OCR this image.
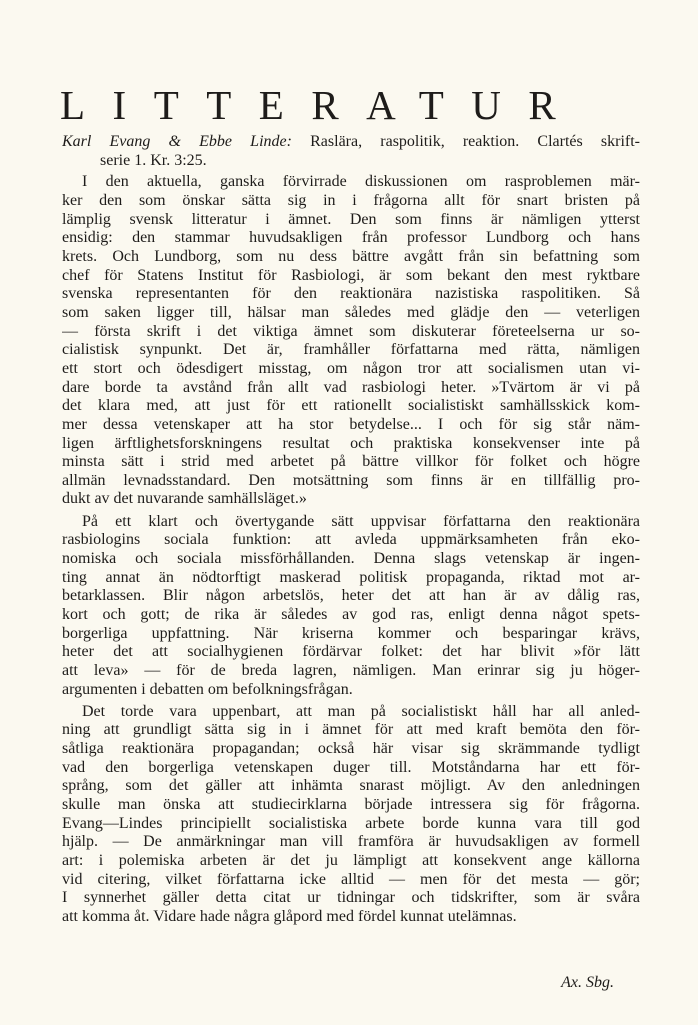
LITTERATUR
Karl Evang & Ebbe Linde: Raslära, raspolitik, reaktion. Clartés skrift-
serie 1. Kr. 3:25.
I den aktuella, ganska förvirrade diskussionen om rasproblemen mär-
ker den som önskar sätta sig in i frågorna allt för snart bristen på
lämplig svensk litteratur i ämnet. Den som finns är nämligen ytterst
ensidig: den stammar huvudsakligen från professor Lundborg och hans
krets. Och Lundborg, som nu dess bättre avgått från sin befattning som
chef för Statens Institut för Rasbiologi, är som bekant den mest ryktbare
svenska representanten för den reaktionära nazistiska raspolitiken. Så
som saken ligger till, hälsar man således med glädje den — veterligen
— första skrift i det viktiga ämnet som diskuterar företeelserna ur so-
cialistisk synpunkt. Det är, framhåller författarna med rätta, nämligen
ett stort och ödesdigert misstag, om någon tror att socialismen utan vi-
dare borde ta avstånd från allt vad rasbiologi heter. »Tvärtom är vi på
det klara med, att just för ett rationellt socialistiskt samhällsskick kom-
mer dessa vetenskaper att ha stor betydelse... I och för sig står näm-
ligen ärftlighetsforskningens resultat och praktiska konsekvenser inte på
minsta sätt i strid med arbetet på bättre villkor för folket och högre
allmän levnadsstandard. Den motsättning som finns är en tillfällig pro-
dukt av det nuvarande samhällsläget.»
På ett klart och övertygande sätt uppvisar författarna den reaktionära
rasbiologins sociala funktion: att avleda uppmärksamheten från eko-
nomiska och sociala missförhållanden. Denna slags vetenskap är ingen-
ting annat än nödtorftigt maskerad politisk propaganda, riktad mot ar-
betarklassen. Blir någon arbetslös, heter det att han är av dålig ras,
kort och gott; de rika är således av god ras, enligt denna något spets-
borgerliga uppfattning. När kriserna kommer och besparingar krävs,
heter det att socialhygienen fördärvar folket: det har blivit »för lätt
att leva» — för de breda lagren, nämligen. Man erinrar sig ju höger-
argumenten i debatten om befolkningsfrågan.
Det torde vara uppenbart, att man på socialistiskt håll har all anled-
ning att grundligt sätta sig in i ämnet för att med kraft bemöta den för-
såtliga reaktionära propagandan; också här visar sig skrämmande tydligt
vad den borgerliga vetenskapen duger till. Motståndarna har ett för-
språng, som det gäller att inhämta snarast möjligt. Av den anledningen
skulle man önska att studiecirklarna började intressera sig för frågorna.
Evang—Lindes principiellt socialistiska arbete borde kunna vara till god
hjälp. — De anmärkningar man vill framföra är huvudsakligen av formell
art: i polemiska arbeten är det ju lämpligt att konsekvent ange källorna
vid citering, vilket författarna icke alltid — men för det mesta — gör;
I synnerhet gäller detta citat ur tidningar och tidskrifter, som är svåra
att komma åt. Vidare hade några glåpord med fördel kunnat utelämnas.
Ax. Sbg.
